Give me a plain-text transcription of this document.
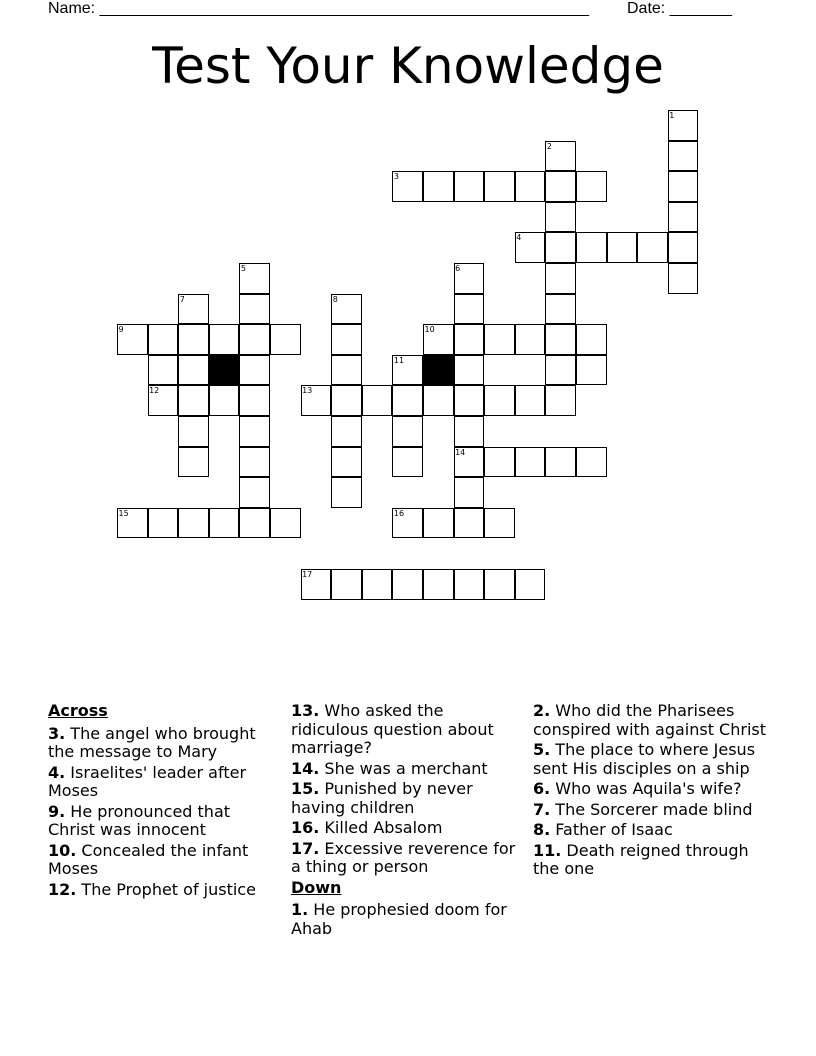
Name: _______________________________________________________ Date: _______
Test Your Knowledge
1
2
3
4
5	6
14
7	8
9	10
11
12	13
15	16
17
Across
3. The angel who brought the message to Mary
4. Israelites' leader after Moses
9. He pronounced that Christ was innocent
10. Concealed the infant Moses
12. The Prophet of justice
13. Who asked the ridiculous question about marriage?
14. She was a merchant
15. Punished by never having children
16. Killed Absalom
17. Excessive reverence for a thing or person
Down
1. He prophesied doom for Ahab
2. Who did the Pharisees conspired with against Christ
5. The place to where Jesus sent His disciples on a ship
6. Who was Aquila's wife?
7. The Sorcerer made blind
8. Father of Isaac
11. Death reigned through the one
